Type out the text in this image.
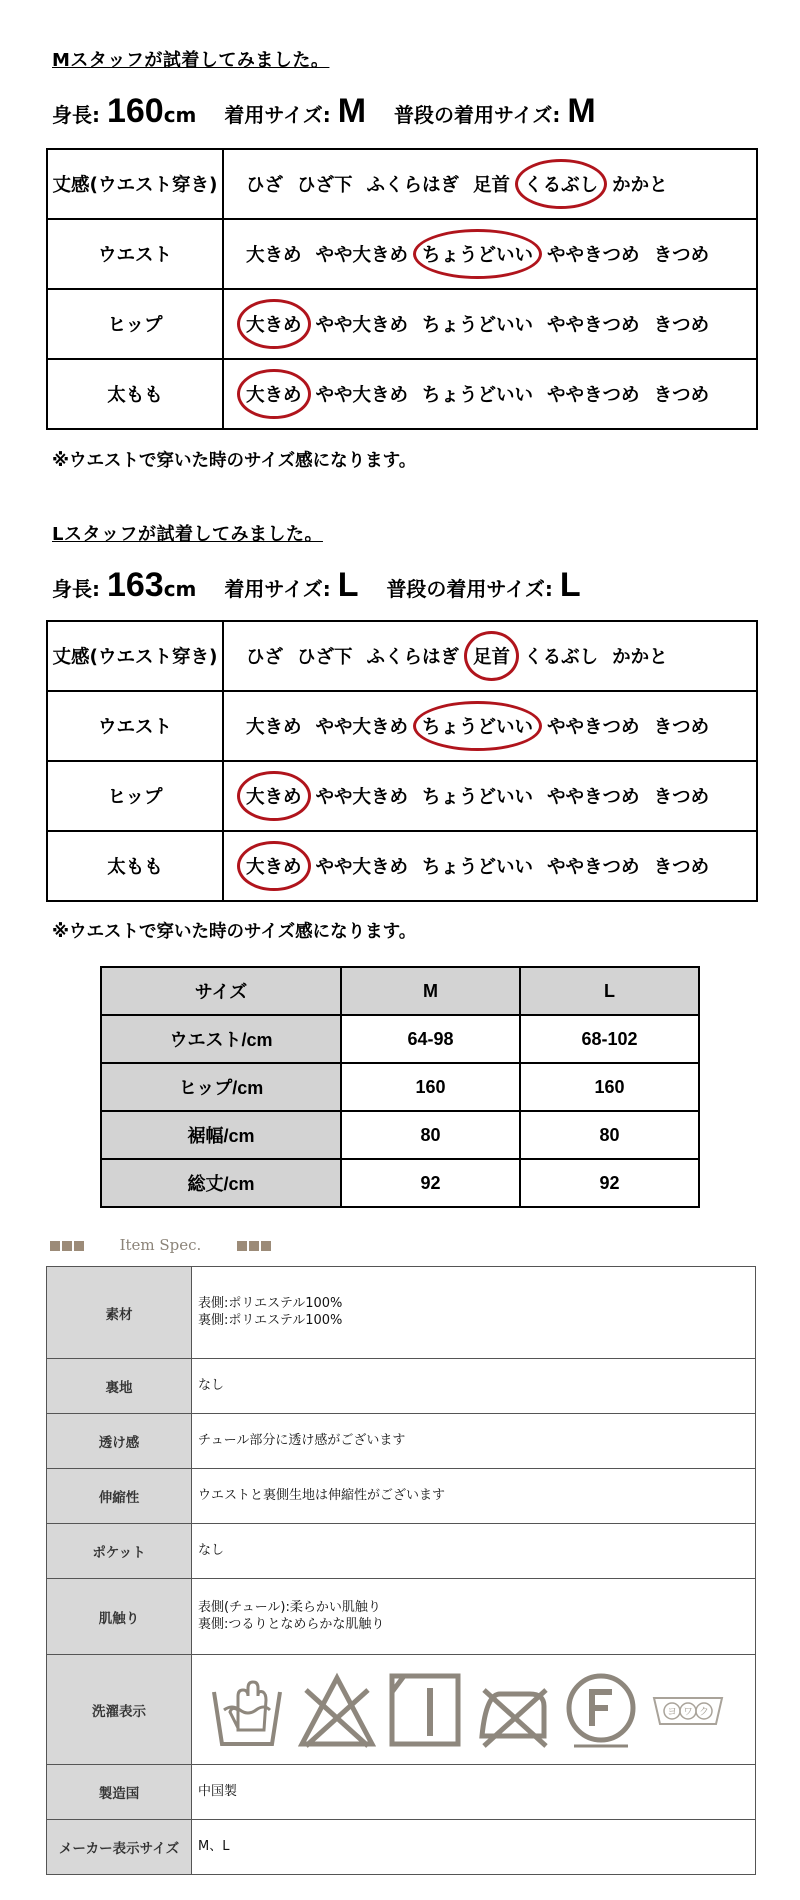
Mスタッフが試着してみました。
身長: 160cm 着用サイズ: M 普段の着用サイズ: M
丈感(ウエスト穿き)	ひざ ひざ下 ふくらはぎ 足首 くるぶし かかと
ウエスト	大きめ やや大きめ ちょうどいい ややきつめ きつめ
ヒップ	大きめ やや大きめ ちょうどいい ややきつめ きつめ
太もも	大きめ やや大きめ ちょうどいい ややきつめ きつめ
※ウエストで穿いた時のサイズ感になります。
Lスタッフが試着してみました。
身長: 163cm 着用サイズ: L 普段の着用サイズ: L
丈感(ウエスト穿き)	ひざ ひざ下 ふくらはぎ 足首 くるぶし かかと
ウエスト	大きめ やや大きめ ちょうどいい ややきつめ きつめ
ヒップ	大きめ やや大きめ ちょうどいい ややきつめ きつめ
太もも	大きめ やや大きめ ちょうどいい ややきつめ きつめ
※ウエストで穿いた時のサイズ感になります。
サイズ	M	L
ウエスト/cm	64-98	68-102
ヒップ/cm	160	160
裾幅/cm	80	80
総丈/cm	92	92
Item Spec.
素材	表側:ポリエステル100%
裏側:ポリエステル100%

裏地	なし
透け感	チュール部分に透け感がございます
伸縮性	ウエストと裏側生地は伸縮性がございます
ポケット	なし
肌触り	表側(チュール):柔らかい肌触り
裏側:つるりとなめらかな肌触り

洗濯表示	ヨ ワ ク

製造国	中国製
メーカー表示サイズ	M、L
